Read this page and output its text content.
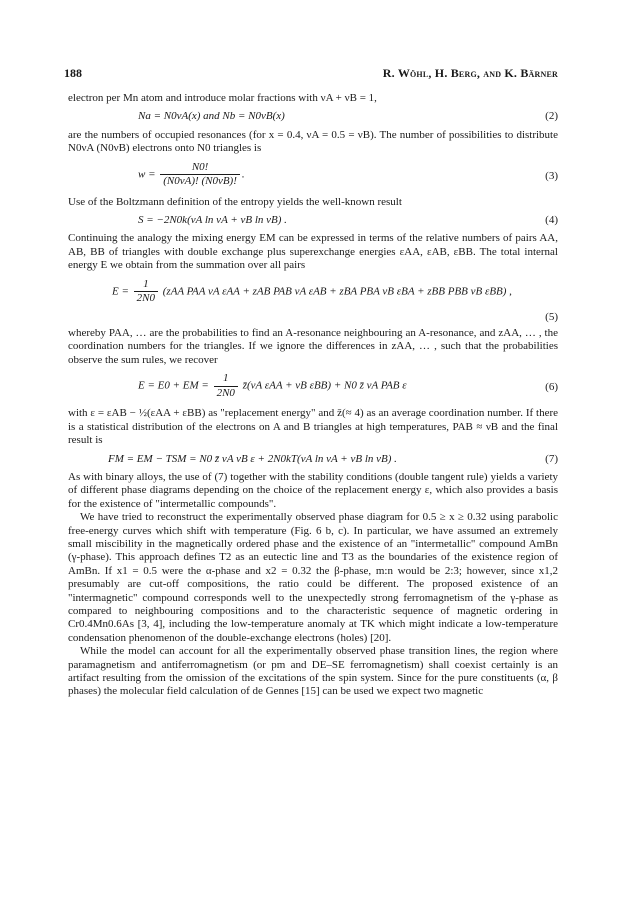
188	R. Wöhl, H. Berg, and K. Bärner

electron per Mn atom and introduce molar fractions with νA + νB = 1,

Na = N0νA(x) and Nb = N0νB(x)	(2)

are the numbers of occupied resonances (for x = 0.4, νA = 0.5 = νB). The number of possibilities to distribute N0νA (N0νB) electrons onto N0 triangles is

$w = \frac{N0!}{(N0\nu A)! (N0\nu B)!}$ .	(3)

Use of the Boltzmann definition of the entropy yields the well-known result

S = −2N0k(νA ln νA + νB ln νB) .	(4)

Continuing the analogy the mixing energy EM can be expressed in terms of the relative numbers of pairs AA, AB, BB of triangles with double exchange plus superexchange energies εAA, εAB, εBB. The total internal energy E we obtain from the summation over all pairs

$E = \frac{1}{2N0} (zAA$ PAA νA εAA + zAB PAB νA εAB + zBA PBA νB εBA + zBB PBB νB εBB) ,
(5)

whereby PAA, … are the probabilities to find an A-resonance neighbouring an A-resonance, and zAA, … , the coordination numbers for the triangles. If we ignore the differences in zAA, … , such that the probabilities observe the sum rules, we recover

E = E0 + EM = $\frac{1}{2N0}$ z̄(νA εAA + νB εBB) + N0 z̄ νA PAB ε	(6)

with ε = εAB − ½(εAA + εBB) as "replacement energy" and z̄(≈ 4) as an average coordination number. If there is a statistical distribution of the electrons on A and B triangles at high temperatures, PAB ≈ νB and the final result is

FM = EM − TSM = N0 z̄ νA νB ε + 2N0kT(νA ln νA + νB ln νB) .	(7)

As with binary alloys, the use of (7) together with the stability conditions (double tangent rule) yields a variety of different phase diagrams depending on the choice of the replacement energy ε, which also provides a basis for the existence of "intermetallic compounds".

We have tried to reconstruct the experimentally observed phase diagram for 0.5 ≥ x ≥ 0.32 using parabolic free-energy curves which shift with temperature (Fig. 6 b, c). In particular, we have assumed an extremely small miscibility in the magnetically ordered phase and the existence of an "intermetallic" compound AmBn (γ-phase). This approach defines T2 as an eutectic line and T3 as the boundaries of the existence region of AmBn. If x1 = 0.5 were the α-phase and x2 = 0.32 the β-phase, m:n would be 2:3; however, since x1,2 presumably are cut-off compositions, the ratio could be different. The proposed existence of an "intermagnetic" compound corresponds well to the unexpectedly strong ferromagnetism of the γ-phase as compared to neighbouring compositions and to the characteristic sequence of magnetic ordering in Cr0.4Mn0.6As [3, 4], including the low-temperature anomaly at TK which might indicate a low-temperature condensation phenomenon of the double-exchange electrons (holes) [20].

While the model can account for all the experimentally observed phase transition lines, the region where paramagnetism and antiferromagnetism (or pm and DE–SE ferromagnetism) shall coexist certainly is an artifact resulting from the omission of the excitations of the spin system. Since for the pure constituents (α, β phases) the molecular field calculation of de Gennes [15] can be used we expect two magnetic
